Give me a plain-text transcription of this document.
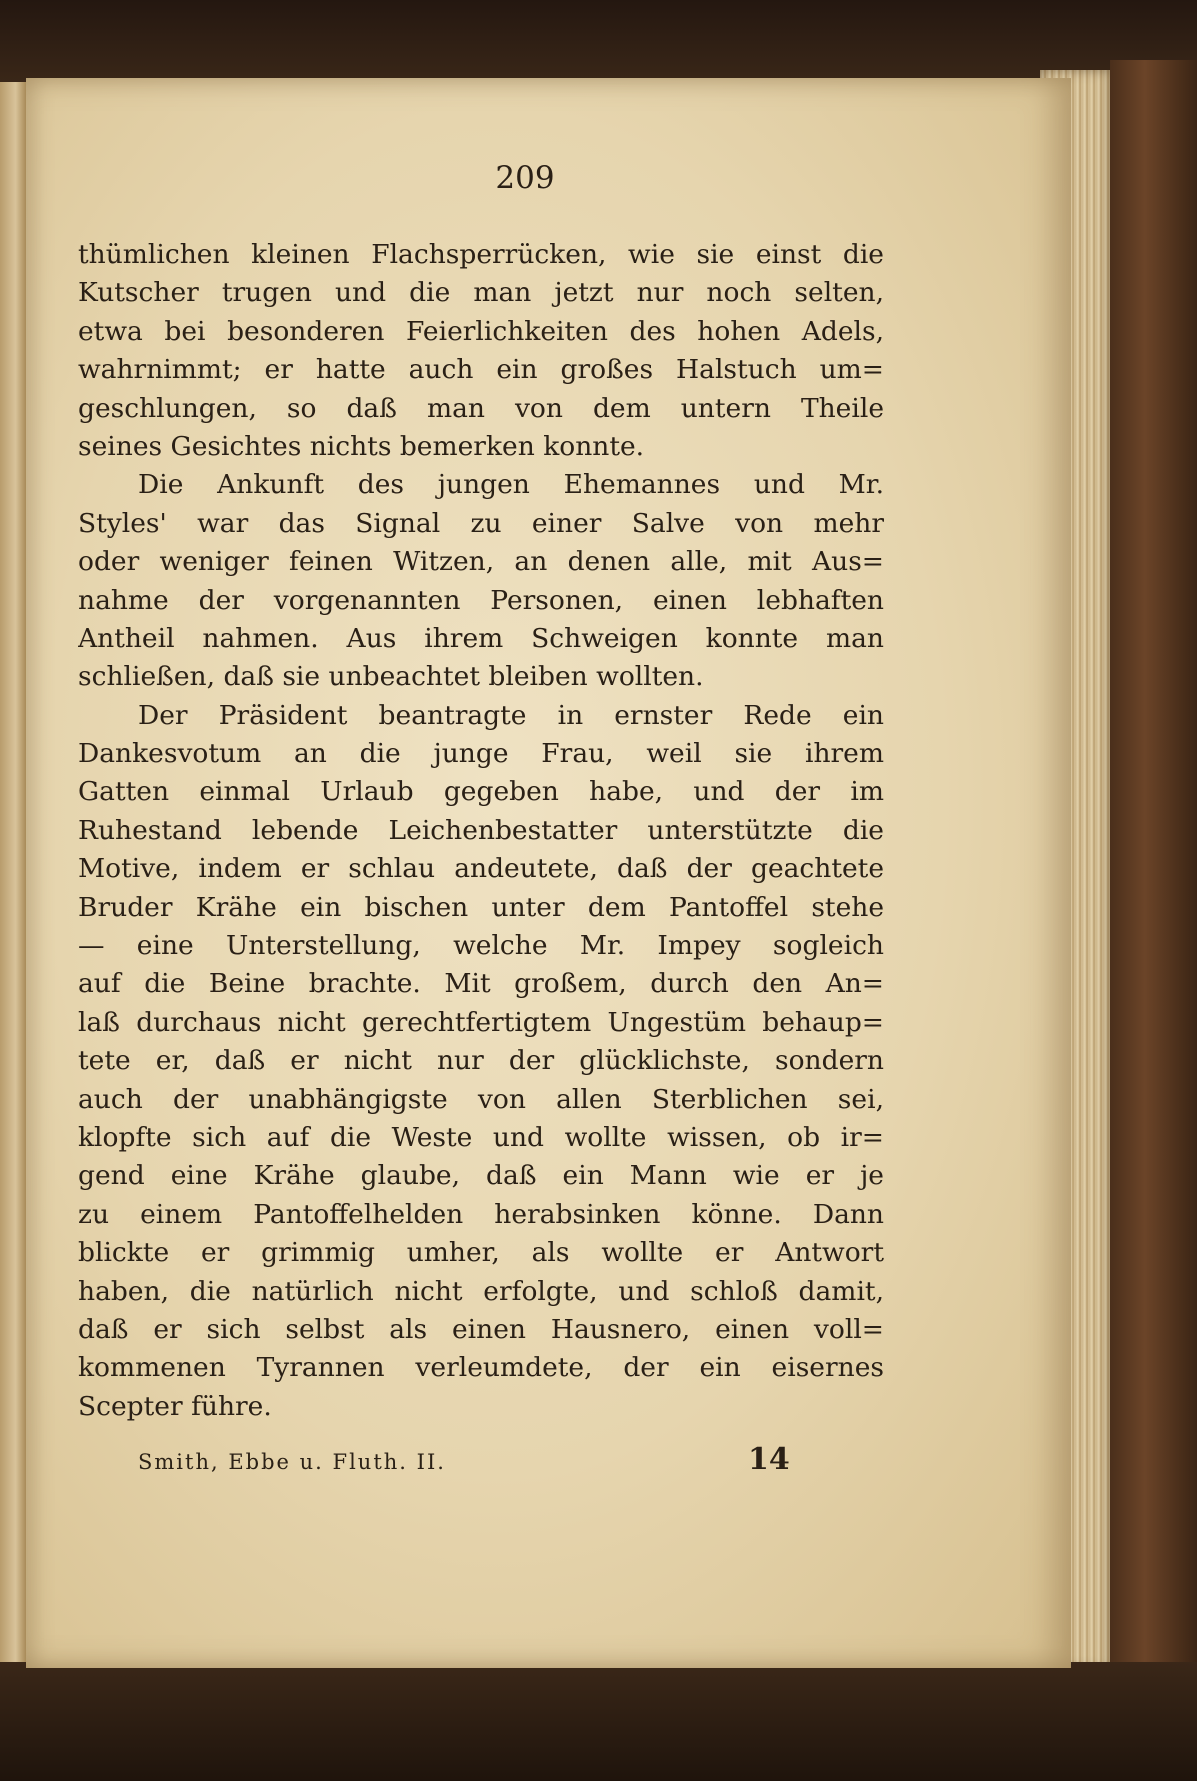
209
thümlichen kleinen Flachsperrücken, wie sie einst die
Kutscher trugen und die man jetzt nur noch selten,
etwa bei besonderen Feierlichkeiten des hohen Adels,
wahrnimmt; er hatte auch ein großes Halstuch um=
geschlungen, so daß man von dem untern Theile
seines Gesichtes nichts bemerken konnte.
Die Ankunft des jungen Ehemannes und Mr.
Styles' war das Signal zu einer Salve von mehr
oder weniger feinen Witzen, an denen alle, mit Aus=
nahme der vorgenannten Personen, einen lebhaften
Antheil nahmen. Aus ihrem Schweigen konnte man
schließen, daß sie unbeachtet bleiben wollten.
Der Präsident beantragte in ernster Rede ein
Dankesvotum an die junge Frau, weil sie ihrem
Gatten einmal Urlaub gegeben habe, und der im
Ruhestand lebende Leichenbestatter unterstützte die
Motive, indem er schlau andeutete, daß der geachtete
Bruder Krähe ein bischen unter dem Pantoffel stehe
— eine Unterstellung, welche Mr. Impey sogleich
auf die Beine brachte. Mit großem, durch den An=
laß durchaus nicht gerechtfertigtem Ungestüm behaup=
tete er, daß er nicht nur der glücklichste, sondern
auch der unabhängigste von allen Sterblichen sei,
klopfte sich auf die Weste und wollte wissen, ob ir=
gend eine Krähe glaube, daß ein Mann wie er je
zu einem Pantoffelhelden herabsinken könne. Dann
blickte er grimmig umher, als wollte er Antwort
haben, die natürlich nicht erfolgte, und schloß damit,
daß er sich selbst als einen Hausnero, einen voll=
kommenen Tyrannen verleumdete, der ein eisernes
Scepter führe.
Smith, Ebbe u. Fluth. II.	14
